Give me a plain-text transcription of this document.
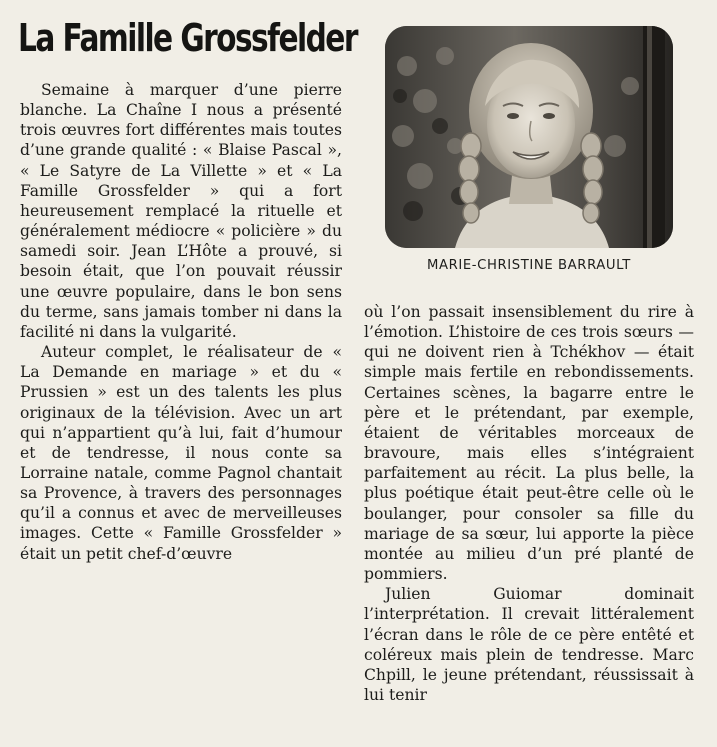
La Famille Grossfelder

Semaine à marquer d’une pierre blanche. La Chaîne I nous a présenté trois œuvres fort différentes mais toutes d’une grande qualité : « Blaise Pascal », « Le Satyre de La Villette » et « La Famille Grossfelder » qui a fort heureusement remplacé la rituelle et généralement médiocre « policière » du samedi soir. Jean L’Hôte a prouvé, si besoin était, que l’on pouvait réussir une œuvre populaire, dans le bon sens du terme, sans jamais tomber ni dans la facilité ni dans la vulgarité.

Auteur complet, le réalisateur de « La Demande en mariage » et du « Prussien » est un des talents les plus originaux de la télévision. Avec un art qui n’appartient qu’à lui, fait d’humour et de tendresse, il nous conte sa Lorraine natale, comme Pagnol chantait sa Provence, à travers des personnages qu’il a connus et avec de merveilleuses images. Cette « Famille Grossfelder » était un petit chef-d’œuvre

MARIE-CHRISTINE BARRAULT

où l’on passait insensiblement du rire à l’émotion. L’histoire de ces trois sœurs — qui ne doivent rien à Tchékhov — était simple mais fertile en rebondissements. Certaines scènes, la bagarre entre le père et le prétendant, par exemple, étaient de véritables morceaux de bravoure, mais elles s’intégraient parfaitement au récit. La plus belle, la plus poétique était peut-être celle où le boulanger, pour consoler sa fille du mariage de sa sœur, lui apporte la pièce montée au milieu d’un pré planté de pommiers.

Julien Guiomar dominait l’interprétation. Il crevait littéralement l’écran dans le rôle de ce père entêté et coléreux mais plein de tendresse. Marc Chpill, le jeune prétendant, réussissait à lui tenir
